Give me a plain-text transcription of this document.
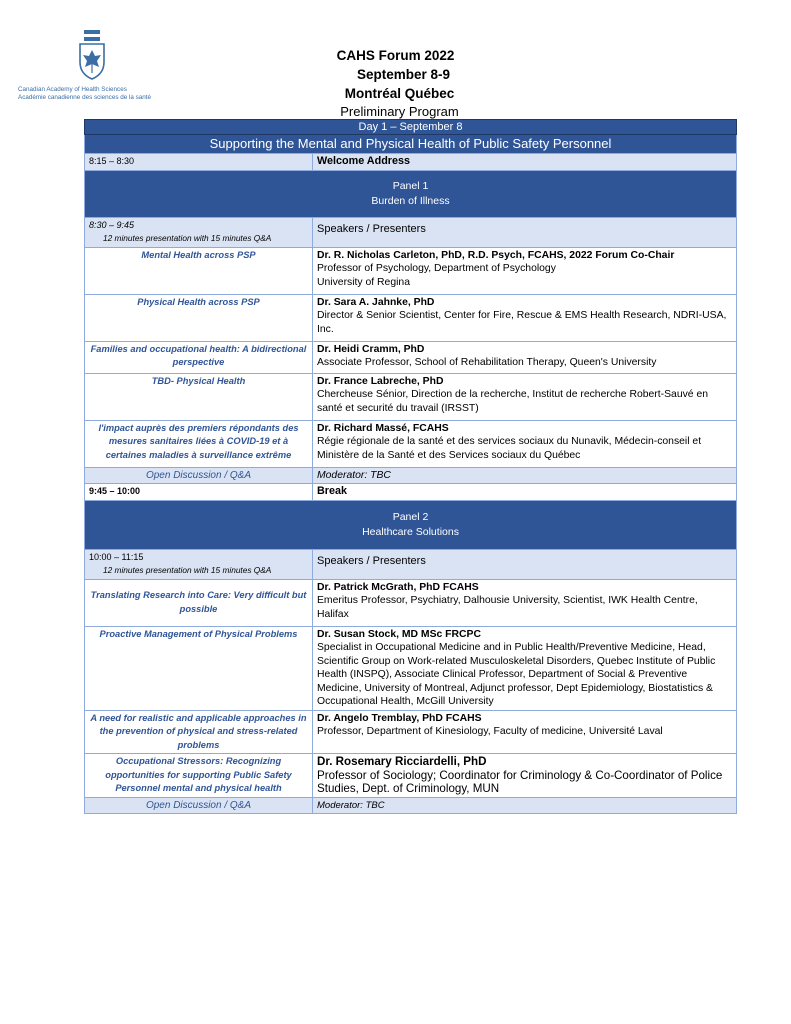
Canadian Academy of Health Sciences
Académie canadienne des sciences de la santé
CAHS Forum 2022
September 8-9
Montréal Québec
Preliminary Program
Day 1 – September 8	
Supporting the Mental and Physical Health of Public Safety Personnel	
8:15 – 8:30	Welcome Address
Panel 1
Burden of Illness	
8:30 – 9:45
12 minutes presentation with 15 minutes Q&A	Speakers / Presenters
Mental Health across PSP	Dr. R. Nicholas Carleton, PhD, R.D. Psych, FCAHS, 2022 Forum Co-Chair
Professor of Psychology, Department of Psychology
University of Regina

Physical Health across PSP	Dr. Sara A. Jahnke, PhD
Director & Senior Scientist, Center for Fire, Rescue & EMS Health Research, NDRI-USA, Inc.

Families and occupational health: A bidirectional perspective	Dr. Heidi Cramm, PhD
Associate Professor, School of Rehabilitation Therapy, Queen's University

TBD- Physical Health	Dr. France Labreche, PhD
Chercheuse Sénior, Direction de la recherche, Institut de recherche Robert-Sauvé en santé et securité du travail (IRSST)

l'impact auprès des premiers répondants des mesures sanitaires liées à COVID-19 et à certaines maladies à surveillance extrême	Dr. Richard Massé, FCAHS
Régie régionale de la santé et des services sociaux du Nunavik, Médecin-conseil et Ministère de la Santé et des Services sociaux du Québec

Open Discussion / Q&A	Moderator: TBC
9:45 – 10:00	Break
Panel 2
Healthcare Solutions	
10:00 – 11:15
12 minutes presentation with 15 minutes Q&A	Speakers / Presenters
Translating Research into Care: Very difficult but possible	Dr. Patrick McGrath, PhD FCAHS
Emeritus Professor, Psychiatry, Dalhousie University, Scientist, IWK Health Centre, Halifax

Proactive Management of Physical Problems	Dr. Susan Stock, MD MSc FRCPC
Specialist in Occupational Medicine and in Public Health/Preventive Medicine, Head, Scientific Group on Work-related Musculoskeletal Disorders, Quebec Institute of Public Health (INSPQ), Associate Clinical Professor, Department of Social & Preventive Medicine, University of Montreal, Adjunct professor, Dept Epidemiology, Biostatistics & Occupational Health, McGill University

A need for realistic and applicable approaches in the prevention of physical and stress-related problems	Dr. Angelo Tremblay, PhD FCAHS
Professor, Department of Kinesiology, Faculty of medicine, Université Laval

Occupational Stressors: Recognizing opportunities for supporting Public Safety Personnel mental and physical health	Dr. Rosemary Ricciardelli, PhD
Professor of Sociology; Coordinator for Criminology & Co-Coordinator of Police Studies, Dept. of Criminology, MUN

Open Discussion / Q&A	Moderator: TBC
